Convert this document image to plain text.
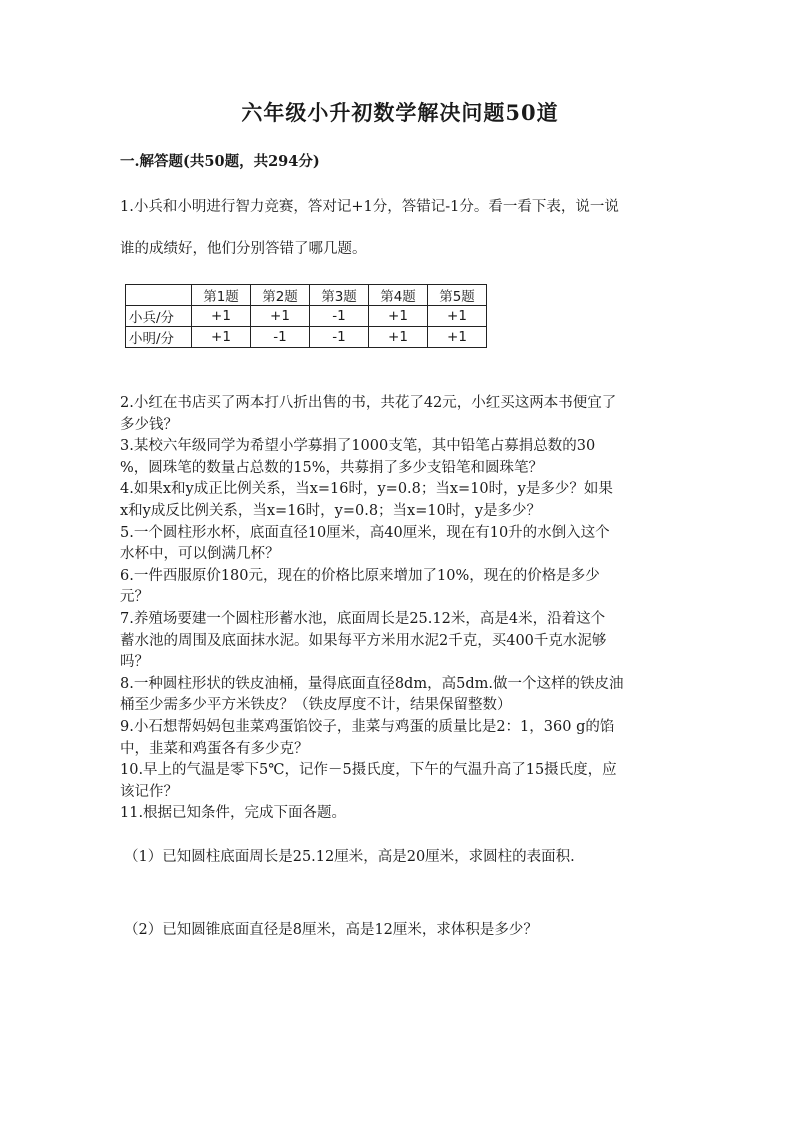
六年级小升初数学解决问题50道
一.解答题(共50题，共294分)
1.小兵和小明进行智力竞赛，答对记+1分，答错记-1分。看一看下表，说一说
谁的成绩好，他们分别答错了哪几题。
	第1题	第2题	第3题	第4题	第5题
小兵/分	+1	+1	-1	+1	+1
小明/分	+1	-1	-1	+1	+1
2.小红在书店买了两本打八折出售的书，共花了42元，小红买这两本书便宜了
多少钱？
3.某校六年级同学为希望小学募捐了1000支笔，其中铅笔占募捐总数的30
%，圆珠笔的数量占总数的15%，共募捐了多少支铅笔和圆珠笔？
4.如果x和y成正比例关系，当x=16时，y=0.8；当x=10时，y是多少？如果
x和y成反比例关系，当x=16时，y=0.8；当x=10时，y是多少？
5.一个圆柱形水杯，底面直径10厘米，高40厘米，现在有10升的水倒入这个
水杯中，可以倒满几杯？
6.一件西服原价180元，现在的价格比原来增加了10%，现在的价格是多少
元？
7.养殖场要建一个圆柱形蓄水池，底面周长是25.12米，高是4米，沿着这个
蓄水池的周围及底面抹水泥。如果每平方米用水泥2千克，买400千克水泥够
吗？
8.一种圆柱形状的铁皮油桶，量得底面直径8dm，高5dm.做一个这样的铁皮油
桶至少需多少平方米铁皮？（铁皮厚度不计，结果保留整数）
9.小石想帮妈妈包韭菜鸡蛋馅饺子，韭菜与鸡蛋的质量比是2：1，360 g的馅
中，韭菜和鸡蛋各有多少克？
10.早上的气温是零下5℃，记作－5摄氏度，下午的气温升高了15摄氏度，应
该记作？
11.根据已知条件，完成下面各题。
（1）已知圆柱底面周长是25.12厘米，高是20厘米，求圆柱的表面积.
（2）已知圆锥底面直径是8厘米，高是12厘米，求体积是多少？
